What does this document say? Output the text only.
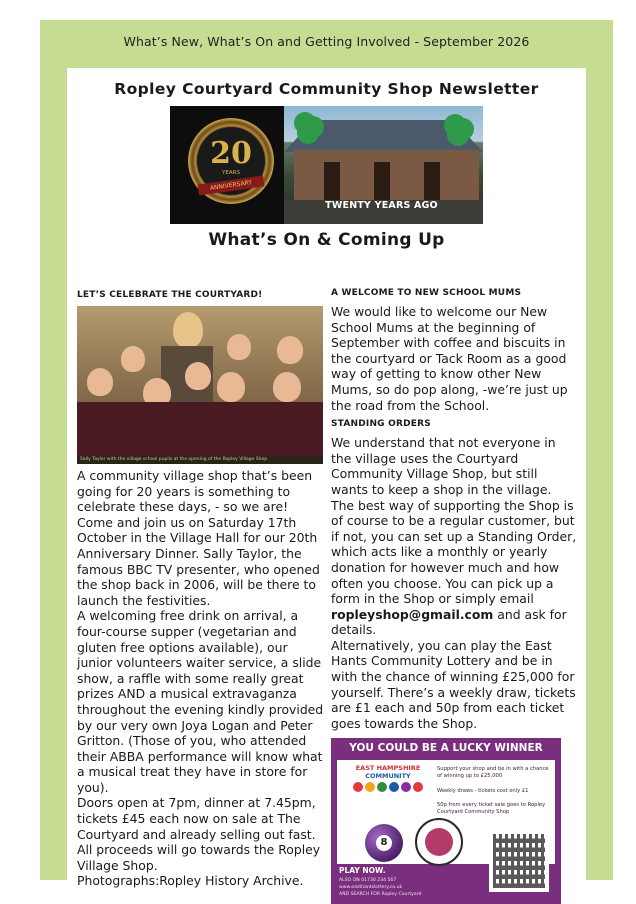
What’s New, What’s On and Getting Involved - September 2026
Ropley Courtyard Community Shop Newsletter
20
YEARS
ANNIVERSARY
TWENTY YEARS AGO
What’s On & Coming Up
LET’S CELEBRATE THE COURTYARD!
Sally Taylor with the village school pupils at the opening of the Ropley Village Shop

A community village shop that’s been going for 20 years is something to celebrate these days, - so we are! Come and join us on Saturday 17th October in the Village Hall for our 20th Anniversary Dinner. Sally Taylor, the famous BBC TV presenter, who opened the shop back in 2006, will be there to launch the festivities.

A welcoming free drink on arrival, a four-course supper (vegetarian and gluten free options available), our junior volunteers waiter service, a slide show, a raffle with some really great prizes AND a musical extravaganza throughout the evening kindly provided by our very own Joya Logan and Peter Gritton. (Those of you, who attended their ABBA performance will know what a musical treat they have in store for you).

Doors open at 7pm, dinner at 7.45pm, tickets £45 each now on sale at The Courtyard and already selling out fast. All proceeds will go towards the Ropley Village Shop.

Photographs:Ropley History Archive.

A WELCOME TO NEW SCHOOL MUMS
We would like to welcome our New School Mums at the beginning of September with coffee and biscuits in the courtyard or Tack Room as a good way of getting to know other New Mums, so do pop along, -we’re just up the road from the School.
STANDING ORDERS
We understand that not everyone in the village uses the Courtyard Community Village Shop, but still wants to keep a shop in the village. The best way of supporting the Shop is of course to be a regular customer, but if not, you can set up a Standing Order, which acts like a monthly or yearly donation for however much and how often you choose. You can pick up a form in the Shop or simply email ropleyshop@gmail.com and ask for details.
Alternatively, you can play the East Hants Community Lottery and be in with the chance of winning £25,000 for yourself. There’s a weekly draw, tickets are £1 each and 50p from each ticket goes towards the Shop.
YOU COULD BE A LUCKY WINNER
EAST HAMPSHIRE
COMMUNITY
Support your shop and be in with a chance of winning up to £25,000
Weekly draws - tickets cost only £1
50p from every ticket sale goes to Ropley Courtyard Community Shop
8
PLAY NOW.
ALSO ON 01730 234 567
www.easthantslottery.co.uk
AND SEARCH FOR Ropley Courtyard
